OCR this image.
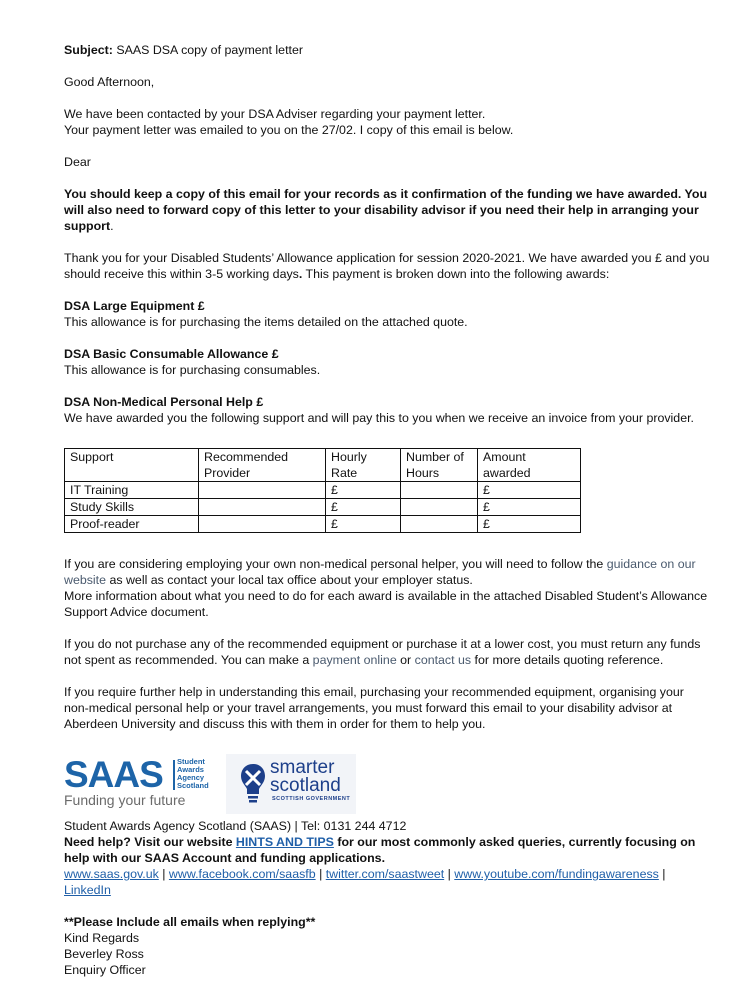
Subject: SAAS DSA copy of payment letter

Good Afternoon,

We have been contacted by your DSA Adviser regarding your payment letter.

Your payment letter was emailed to you on the 27/02. I copy of this email is below.

Dear

You should keep a copy of this email for your records as it confirmation of the funding we have awarded. You will also need to forward copy of this letter to your disability advisor if you need their help in arranging your support.

Thank you for your Disabled Students’ Allowance application for session 2020-2021. We have awarded you £ and you should receive this within 3-5 working days. This payment is broken down into the following awards:

DSA Large Equipment £

This allowance is for purchasing the items detailed on the attached quote.

DSA Basic Consumable Allowance £

This allowance is for purchasing consumables.

DSA Non-Medical Personal Help £

We have awarded you the following support and will pay this to you when we receive an invoice from your provider.

Support	Recommended Provider	Hourly Rate	Number of Hours	Amount awarded
IT Training		£		£
Study Skills		£		£
Proof-reader		£		£

If you are considering employing your own non-medical personal helper, you will need to follow the guidance on our website as well as contact your local tax office about your employer status.

More information about what you need to do for each award is available in the attached Disabled Student’s Allowance Support Advice document.

If you do not purchase any of the recommended equipment or purchase it at a lower cost, you must return any funds not spent as recommended. You can make a payment online or contact us for more details quoting reference.

If you require further help in understanding this email, purchasing your recommended equipment, organising your non-medical personal help or your travel arrangements, you must forward this email to your disability advisor at Aberdeen University and discuss this with them in order for them to help you.

SAAS Student
Awards
Agency
Scotland
Funding your future
smarter
scotland
SCOTTISH GOVERNMENT

Student Awards Agency Scotland (SAAS) | Tel: 0131 244 4712

Need help? Visit our website HINTS AND TIPS for our most commonly asked queries, currently focusing on help with our SAAS Account and funding applications.

www.saas.gov.uk | www.facebook.com/saasfb | twitter.com/saastweet | www.youtube.com/fundingawareness | LinkedIn

**Please Include all emails when replying**

Kind Regards

Beverley Ross

Enquiry Officer
